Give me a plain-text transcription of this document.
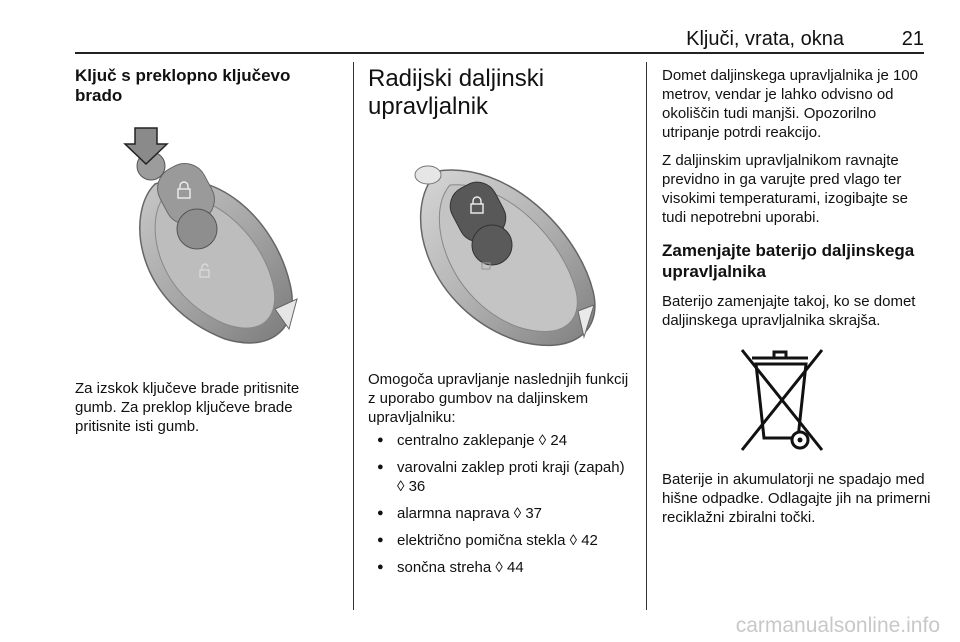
Ključi, vrata, okna	21
Ključ s preklopno ključevo brado

Za izskok ključeve brade pritisnite gumb. Za preklop ključeve brade pritisnite isti gumb.

Radijski daljinski upravljalnik

Omogoča upravljanje naslednjih funkcij z uporabo gumbov na daljinskem upravljalniku:

● centralno zaklepanje ◊ 24
● varovalni zaklep proti kraji (zapah) ◊ 36
● alarmna naprava ◊ 37
● električno pomična stekla ◊ 42
● sončna streha ◊ 44

Domet daljinskega upravljalnika je 100 metrov, vendar je lahko odvisno od okoliščin tudi manjši. Opozorilno utripanje potrdi reakcijo.

Z daljinskim upravljalnikom ravnajte previdno in ga varujte pred vlago ter visokimi temperaturami, izogibajte se tudi nepotrebni uporabi.

Zamenjajte baterijo daljinskega upravljalnika

Baterijo zamenjajte takoj, ko se domet daljinskega upravljalnika skrajša.

Baterije in akumulatorji ne spadajo med hišne odpadke. Odlagajte jih na primerni reciklažni zbiralni točki.

carmanualsonline.info
